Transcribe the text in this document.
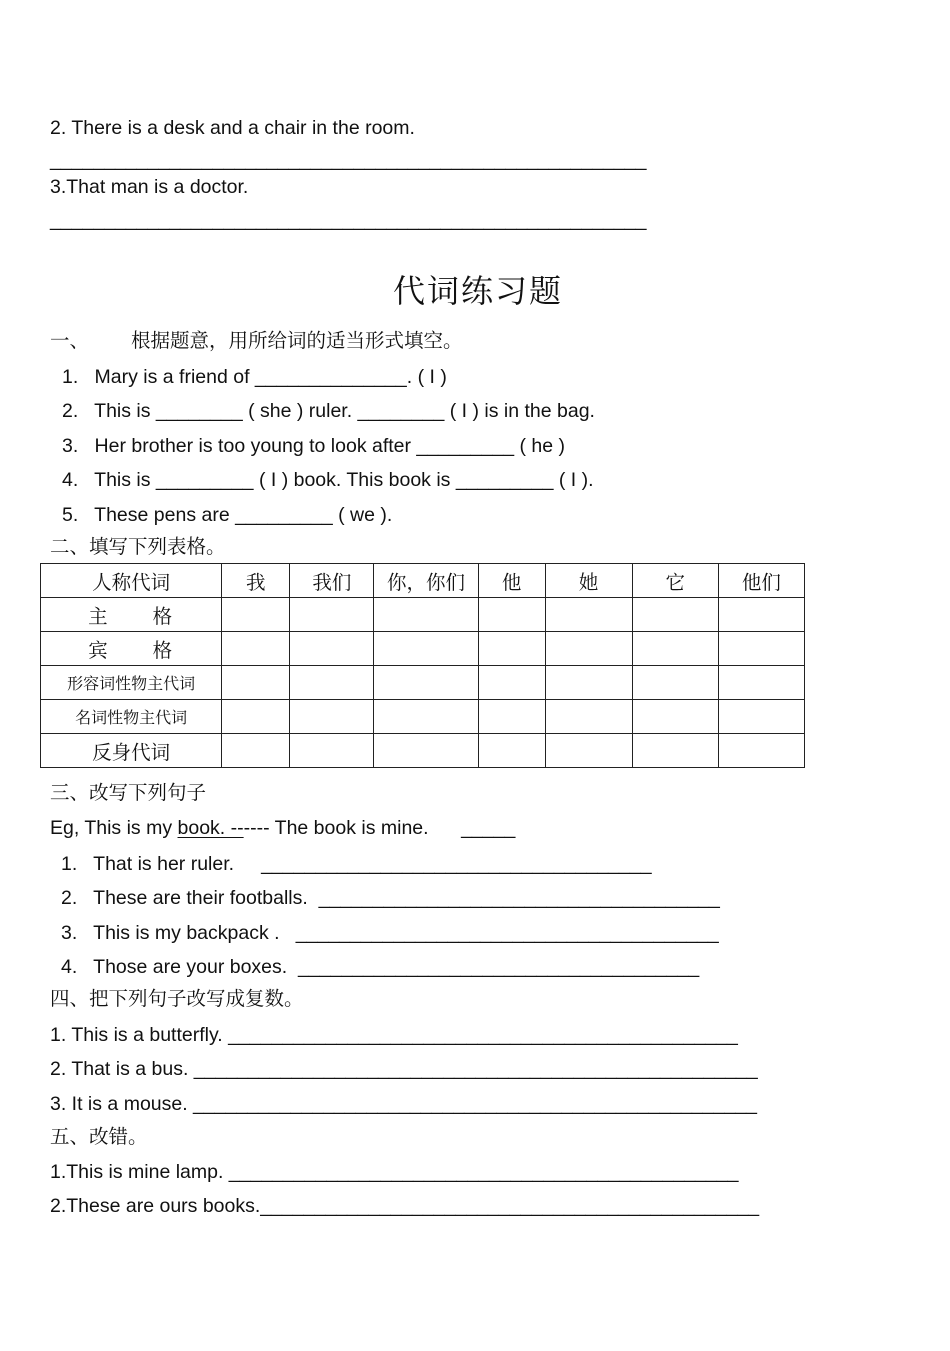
2. There is a desk and a chair in the room.
_______________________________________________________
3.That man is a doctor.
_______________________________________________________
代词练习题
一、 根据题意，用所给词的适当形式填空。
1.   Mary is a friend of ______________. ( I )
2.   This is ________ ( she ) ruler. ________ ( I ) is in the bag.
3.   Her brother is too young to look after _________ ( he )
4.   This is _________ ( I ) book. This book is _________ ( I ).
5.   These pens are _________ ( we ).
二、填写下列表格。
人称代词	我	我们	你，你们	他	她	它	他们
主　　格							
宾　　格							
形容词性物主代词							
名词性物主代词							
反身代词							
三、改写下列句子
Eg, This is my book. ------ The book is mine.      _____
1.   That is her ruler.     ____________________________________
2.   These are their footballs.  _____________________________________
3.   This is my backpack .   _______________________________________
4.   Those are your boxes.  _____________________________________
四、把下列句子改写成复数。
1. This is a butterfly. _______________________________________________
2. That is a bus. ____________________________________________________
3. It is a mouse. ____________________________________________________
五、改错。
1.This is mine lamp. _______________________________________________
2.These are ours books.______________________________________________
